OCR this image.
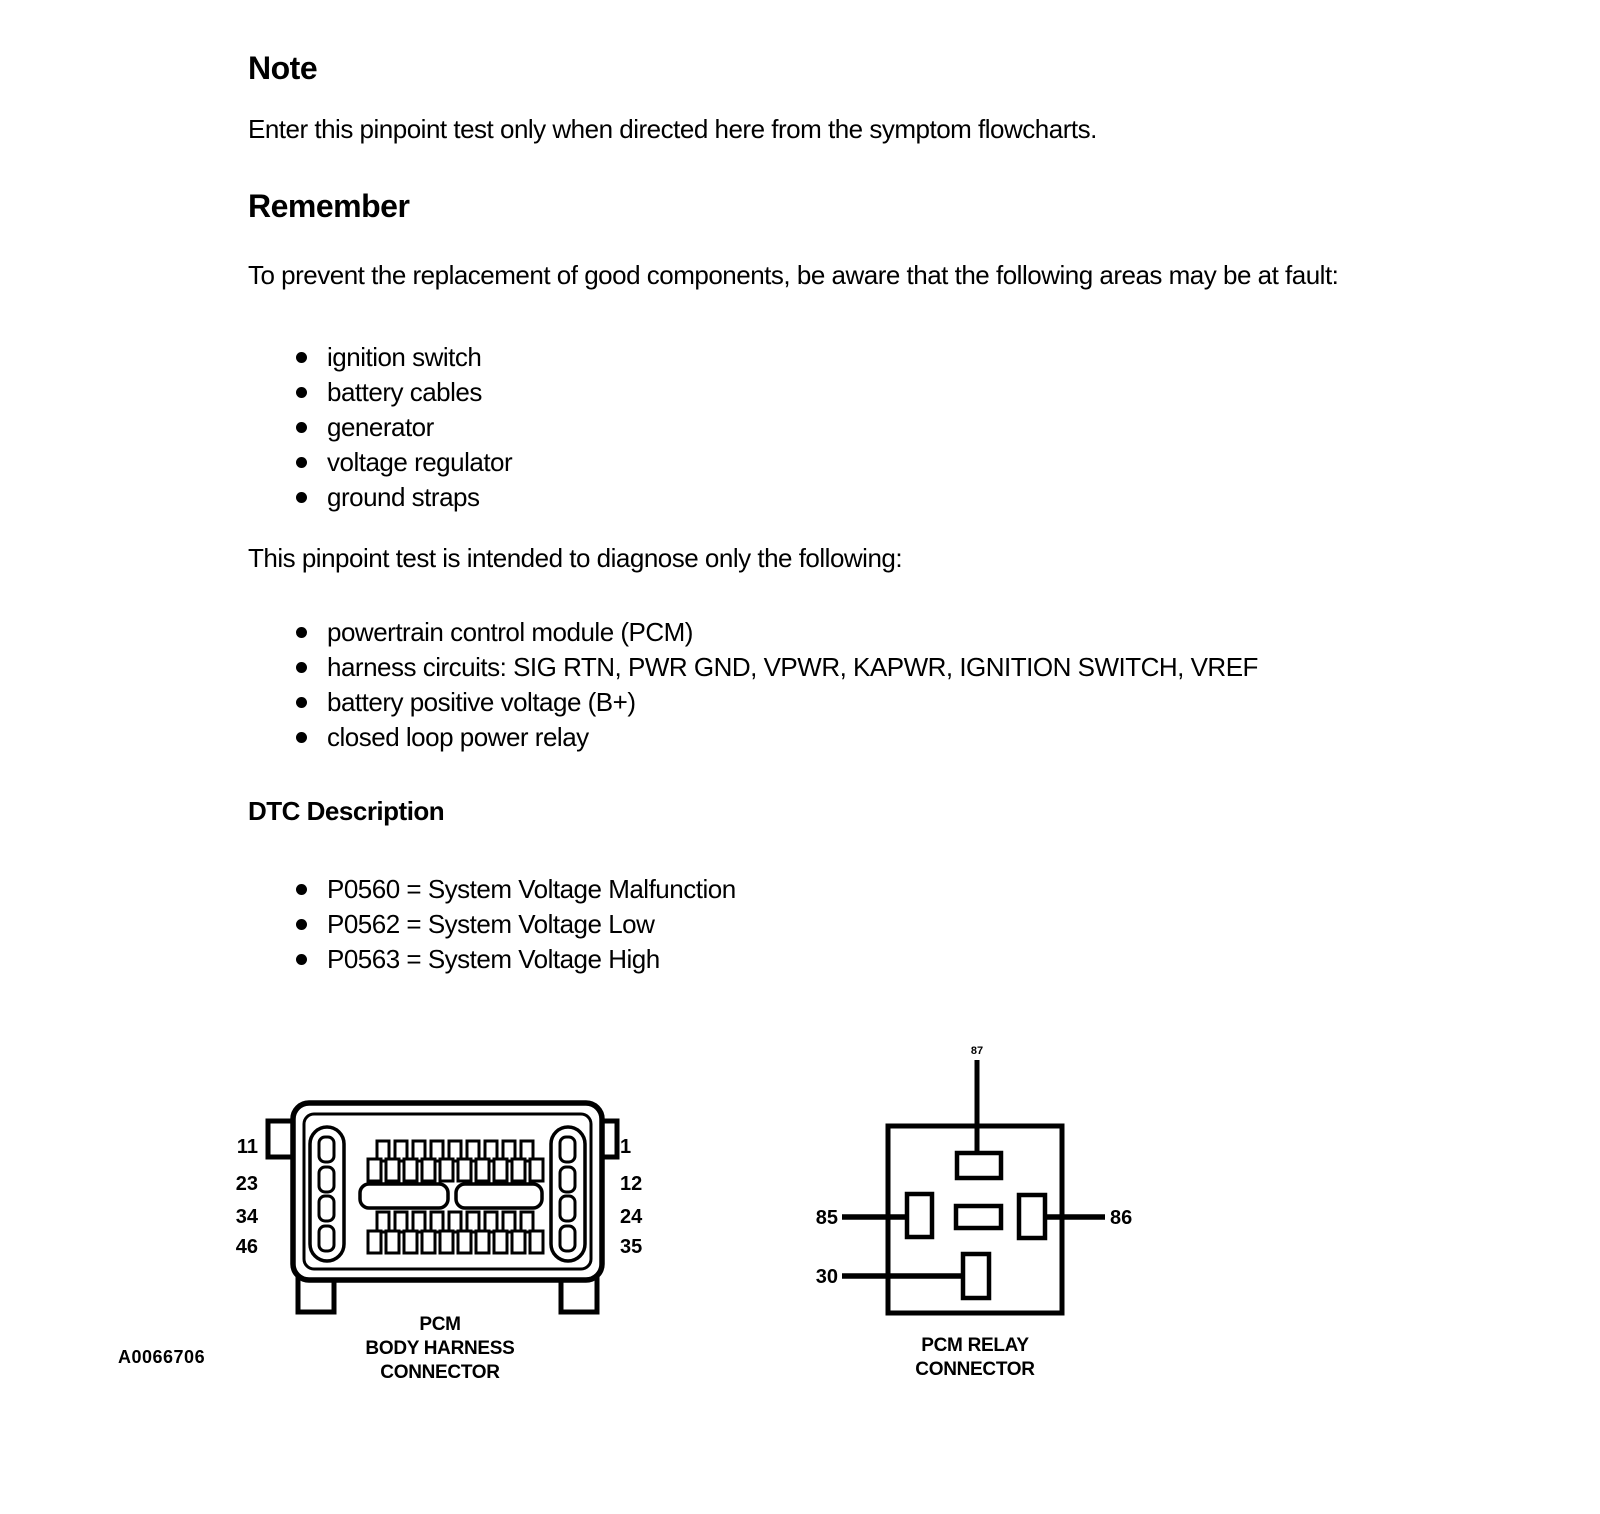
Note
Enter this pinpoint test only when directed here from the symptom flowcharts.
Remember
To prevent the replacement of good components, be aware that the following areas may be at fault:
ignition switch
battery cables
generator
voltage regulator
ground straps
This pinpoint test is intended to diagnose only the following:
powertrain control module (PCM)
harness circuits: SIG RTN, PWR GND, VPWR, KAPWR, IGNITION SWITCH, VREF
battery positive voltage (B+)
closed loop power relay
DTC Description
P0560 = System Voltage Malfunction
P0562 = System Voltage Low
P0563 = System Voltage High
11
23
34
46
1
12
24
35
PCM
BODY HARNESS
CONNECTOR
87
85	86
30
PCM RELAY
CONNECTOR
A0066706
